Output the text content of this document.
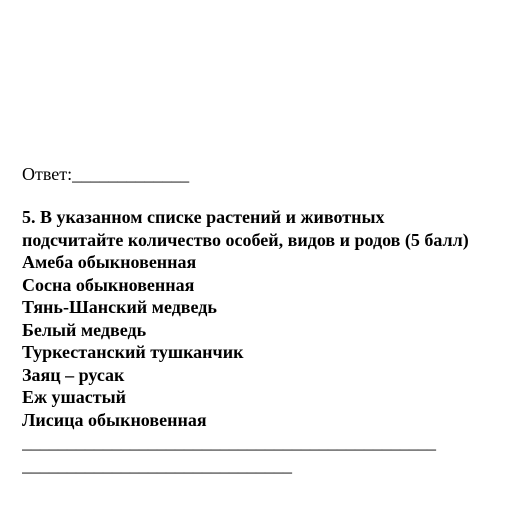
Ответ:_____________
5. В указанном списке растений и животных
подсчитайте количество особей, видов и родов (5 балл)
Амеба обыкновенная
Сосна обыкновенная
Тянь-Шанский медведь
Белый медведь
Туркестанский тушканчик
Заяц – русак
Еж ушастый
Лисица обыкновенная
______________________________________________
______________________________
